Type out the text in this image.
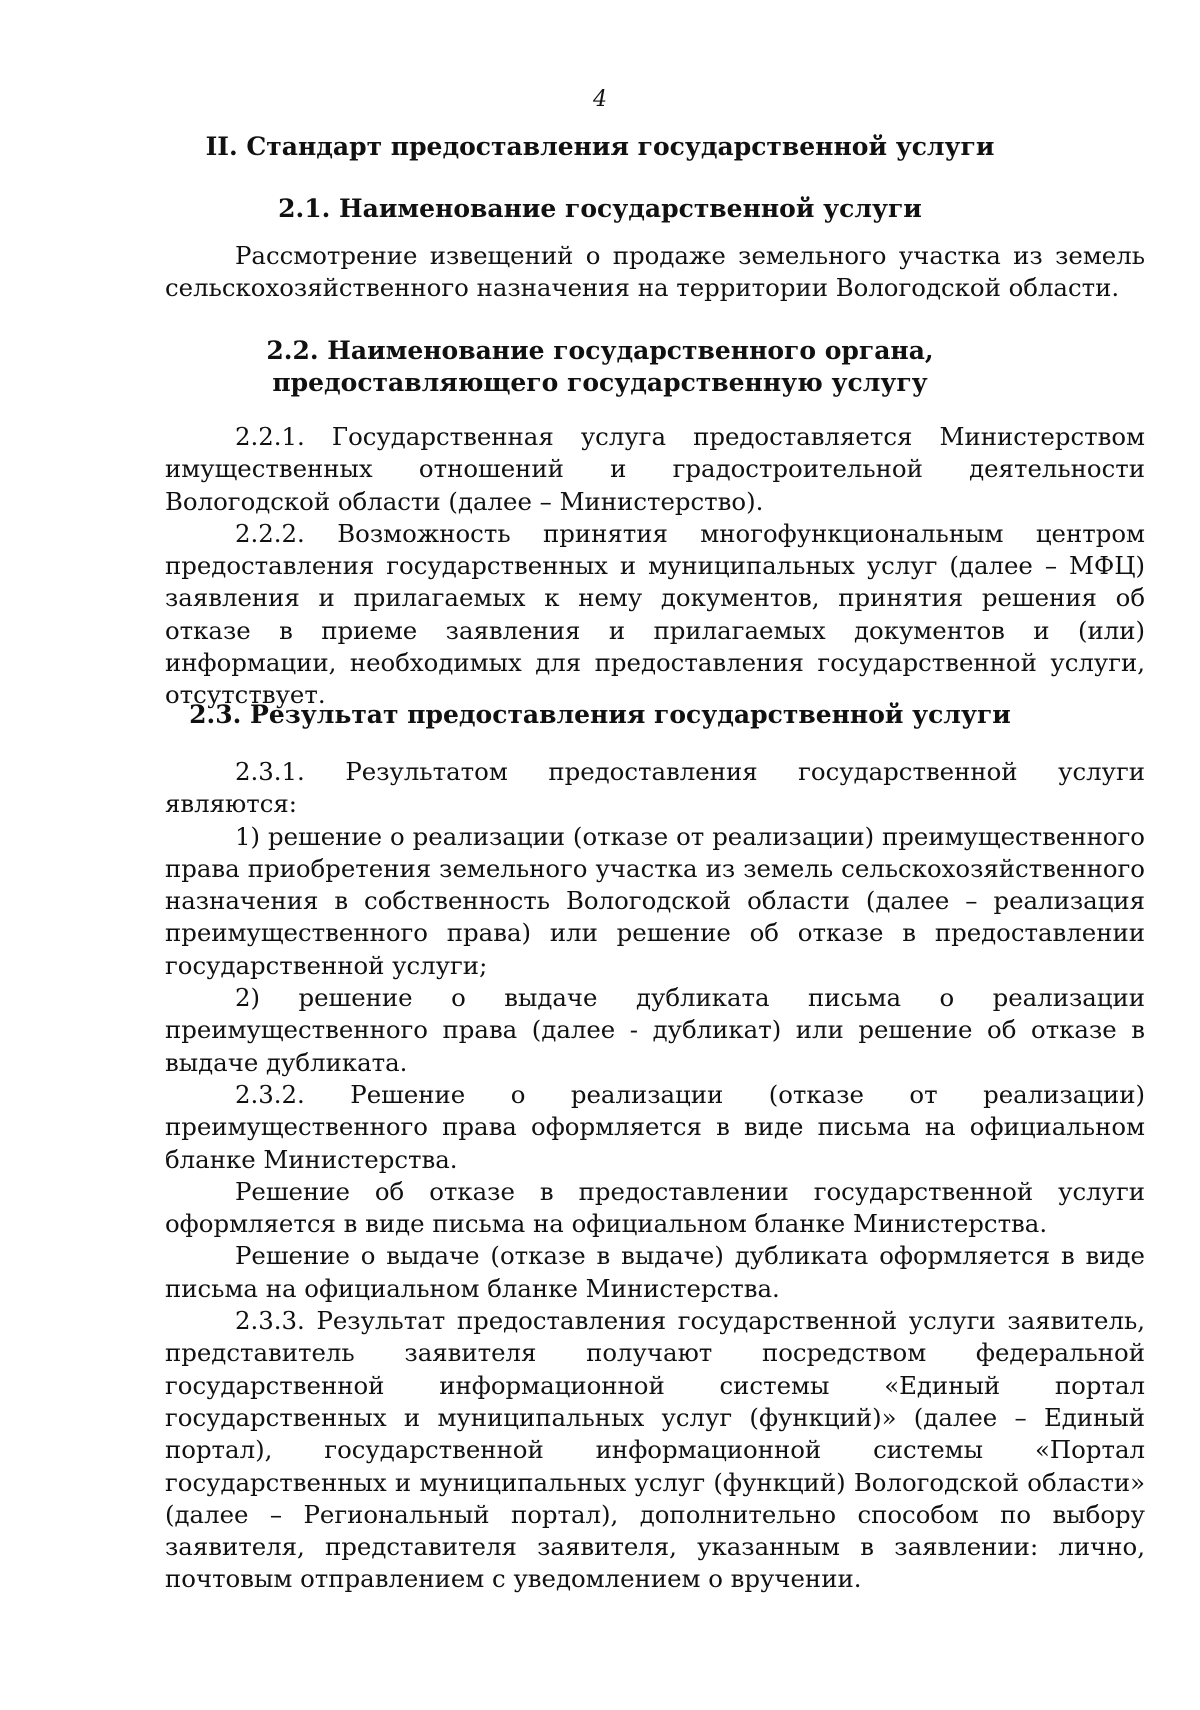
4
II. Стандарт предоставления государственной услуги
2.1. Наименование государственной услуги

Рассмотрение извещений о продаже земельного участка из земель сельскохозяйственного назначения на территории Вологодской области.

2.2. Наименование государственного органа,
предоставляющего государственную услугу

2.2.1. Государственная услуга предоставляется Министерством имущественных отношений и градостроительной деятельности Вологодской области (далее – Министерство).

2.2.2. Возможность принятия многофункциональным центром предоставления государственных и муниципальных услуг (далее – МФЦ) заявления и прилагаемых к нему документов, принятия решения об отказе в приеме заявления и прилагаемых документов и (или) информации, необходимых для предоставления государственной услуги, отсутствует.

2.3. Результат предоставления государственной услуги

2.3.1. Результатом предоставления государственной услуги являются:

1) решение о реализации (отказе от реализации) преимущественного права приобретения земельного участка из земель сельскохозяйственного назначения в собственность Вологодской области (далее – реализация преимущественного права) или решение об отказе в предоставлении государственной услуги;

2) решение о выдаче дубликата письма о реализации преимущественного права (далее - дубликат) или решение об отказе в выдаче дубликата.

2.3.2. Решение о реализации (отказе от реализации) преимущественного права оформляется в виде письма на официальном бланке Министерства.

Решение об отказе в предоставлении государственной услуги оформляется в виде письма на официальном бланке Министерства.

Решение о выдаче (отказе в выдаче) дубликата оформляется в виде письма на официальном бланке Министерства.

2.3.3. Результат предоставления государственной услуги заявитель, представитель заявителя получают посредством федеральной государственной информационной системы «Единый портал государственных и муниципальных услуг (функций)» (далее – Единый портал), государственной информационной системы «Портал государственных и муниципальных услуг (функций) Вологодской области» (далее – Региональный портал), дополнительно способом по выбору заявителя, представителя заявителя, указанным в заявлении: лично, почтовым отправлением с уведомлением о вручении.
